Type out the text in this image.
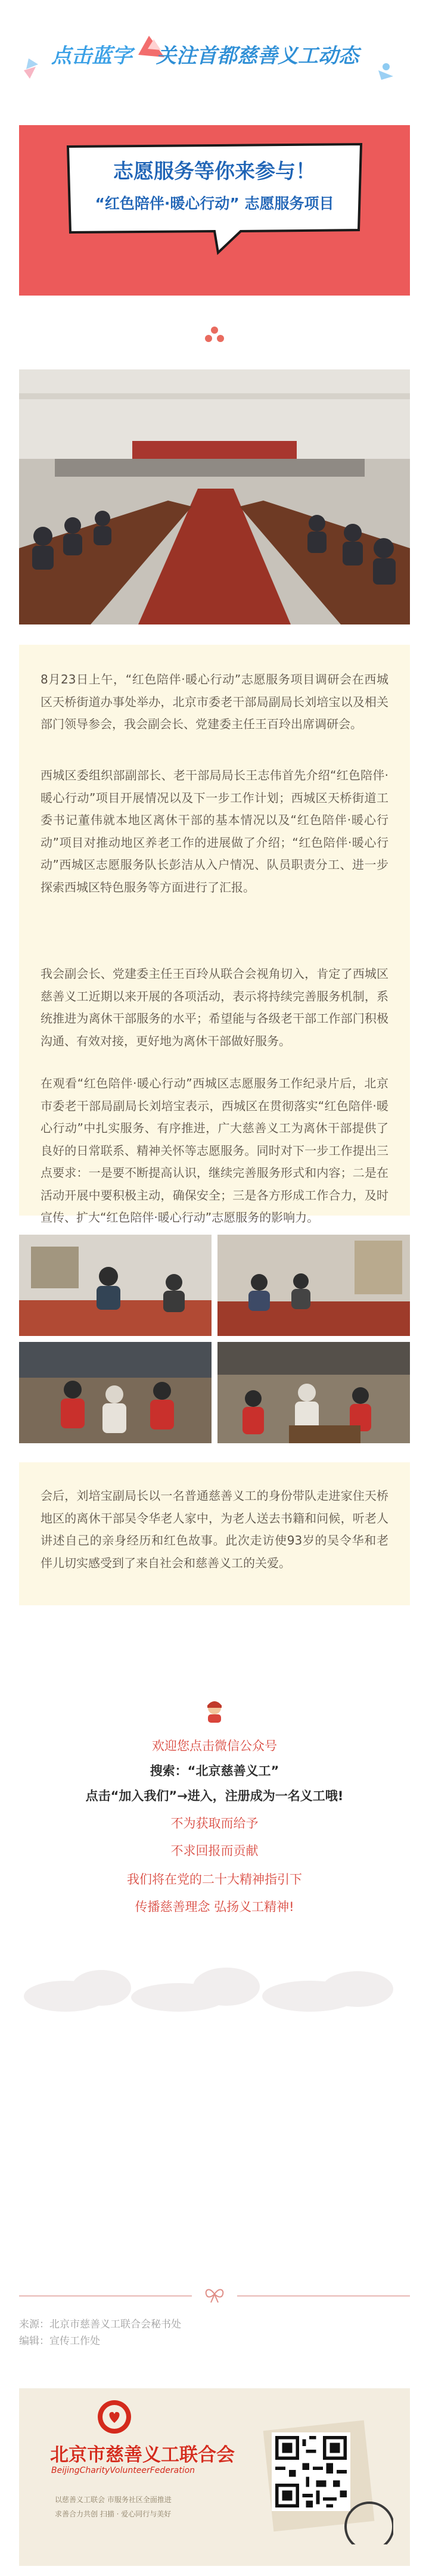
点击蓝字 关注首都慈善义工动态
志愿服务等你来参与！
“红色陪伴·暖心行动” 志愿服务项目
8月23日上午，“红色陪伴·暖心行动”志愿服务项目调研会在西城区天桥街道办事处举办，北京市委老干部局副局长刘培宝以及相关部门领导参会，我会副会长、党建委主任王百玲出席调研会。
西城区委组织部副部长、老干部局局长王志伟首先介绍“红色陪伴·暖心行动”项目开展情况以及下一步工作计划；西城区天桥街道工委书记董伟就本地区离休干部的基本情况以及“红色陪伴·暖心行动”项目对推动地区养老工作的进展做了介绍；“红色陪伴·暖心行动”西城区志愿服务队长彭洁从入户情况、队员职责分工、进一步探索西城区特色服务等方面进行了汇报。
我会副会长、党建委主任王百玲从联合会视角切入，肯定了西城区慈善义工近期以来开展的各项活动，表示将持续完善服务机制，系统推进为离休干部服务的水平；希望能与各级老干部工作部门积极沟通、有效对接，更好地为离休干部做好服务。
在观看“红色陪伴·暖心行动”西城区志愿服务工作纪录片后，北京市委老干部局副局长刘培宝表示，西城区在贯彻落实“红色陪伴·暖心行动”中扎实服务、有序推进，广大慈善义工为离休干部提供了良好的日常联系、精神关怀等志愿服务。同时对下一步工作提出三点要求：一是要不断提高认识，继续完善服务形式和内容；二是在活动开展中要积极主动，确保安全；三是各方形成工作合力，及时宣传、扩大“红色陪伴·暖心行动”志愿服务的影响力。
会后，刘培宝副局长以一名普通慈善义工的身份带队走进家住天桥地区的离休干部吴令华老人家中，为老人送去书籍和问候，听老人讲述自己的亲身经历和红色故事。此次走访使93岁的吴令华和老伴儿切实感受到了来自社会和慈善义工的关爱。
欢迎您点击微信公众号
搜索：“北京慈善义工”
点击“加入我们”→进入，注册成为一名义工哦!
不为获取而给予
不求回报而贡献
我们将在党的二十大精神指引下
传播慈善理念 弘扬义工精神!
来源：北京市慈善义工联合会秘书处
编辑：宣传工作处
北京市慈善义工联合会
BeijingCharityVolunteerFederation
以慈善义工联会 市服务社区全面推进
求善合力共创 扫描 · 爱心同行与美好
